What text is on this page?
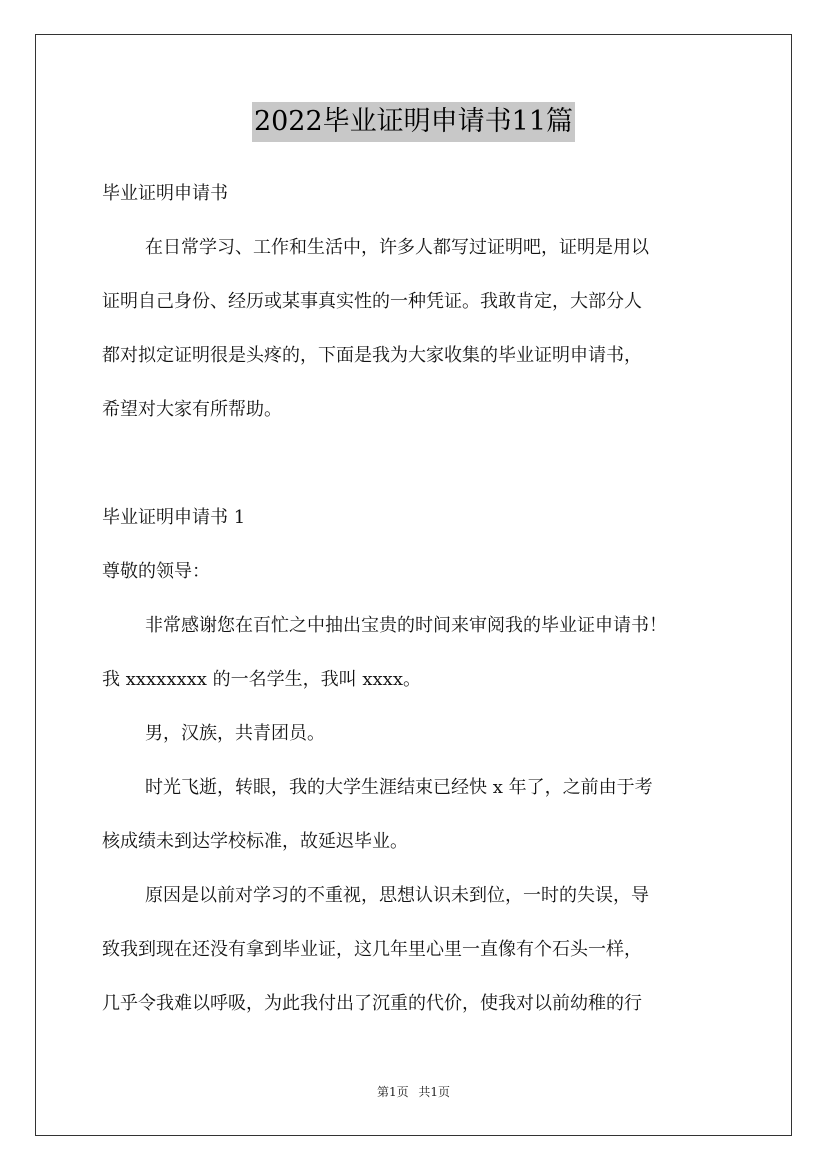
2022毕业证明申请书11篇
毕业证明申请书
在日常学习、工作和生活中，许多人都写过证明吧，证明是用以
证明自己身份、经历或某事真实性的一种凭证。我敢肯定，大部分人
都对拟定证明很是头疼的，下面是我为大家收集的毕业证明申请书，
希望对大家有所帮助。
毕业证明申请书 1
尊敬的领导：
非常感谢您在百忙之中抽出宝贵的时间来审阅我的毕业证申请书！
我 xxxxxxxx 的一名学生，我叫 xxxx。
男，汉族，共青团员。
时光飞逝，转眼，我的大学生涯结束已经快 x 年了，之前由于考
核成绩未到达学校标准，故延迟毕业。
原因是以前对学习的不重视，思想认识未到位，一时的失误，导
致我到现在还没有拿到毕业证，这几年里心里一直像有个石头一样，
几乎令我难以呼吸，为此我付出了沉重的代价，使我对以前幼稚的行
第1页 共1页
